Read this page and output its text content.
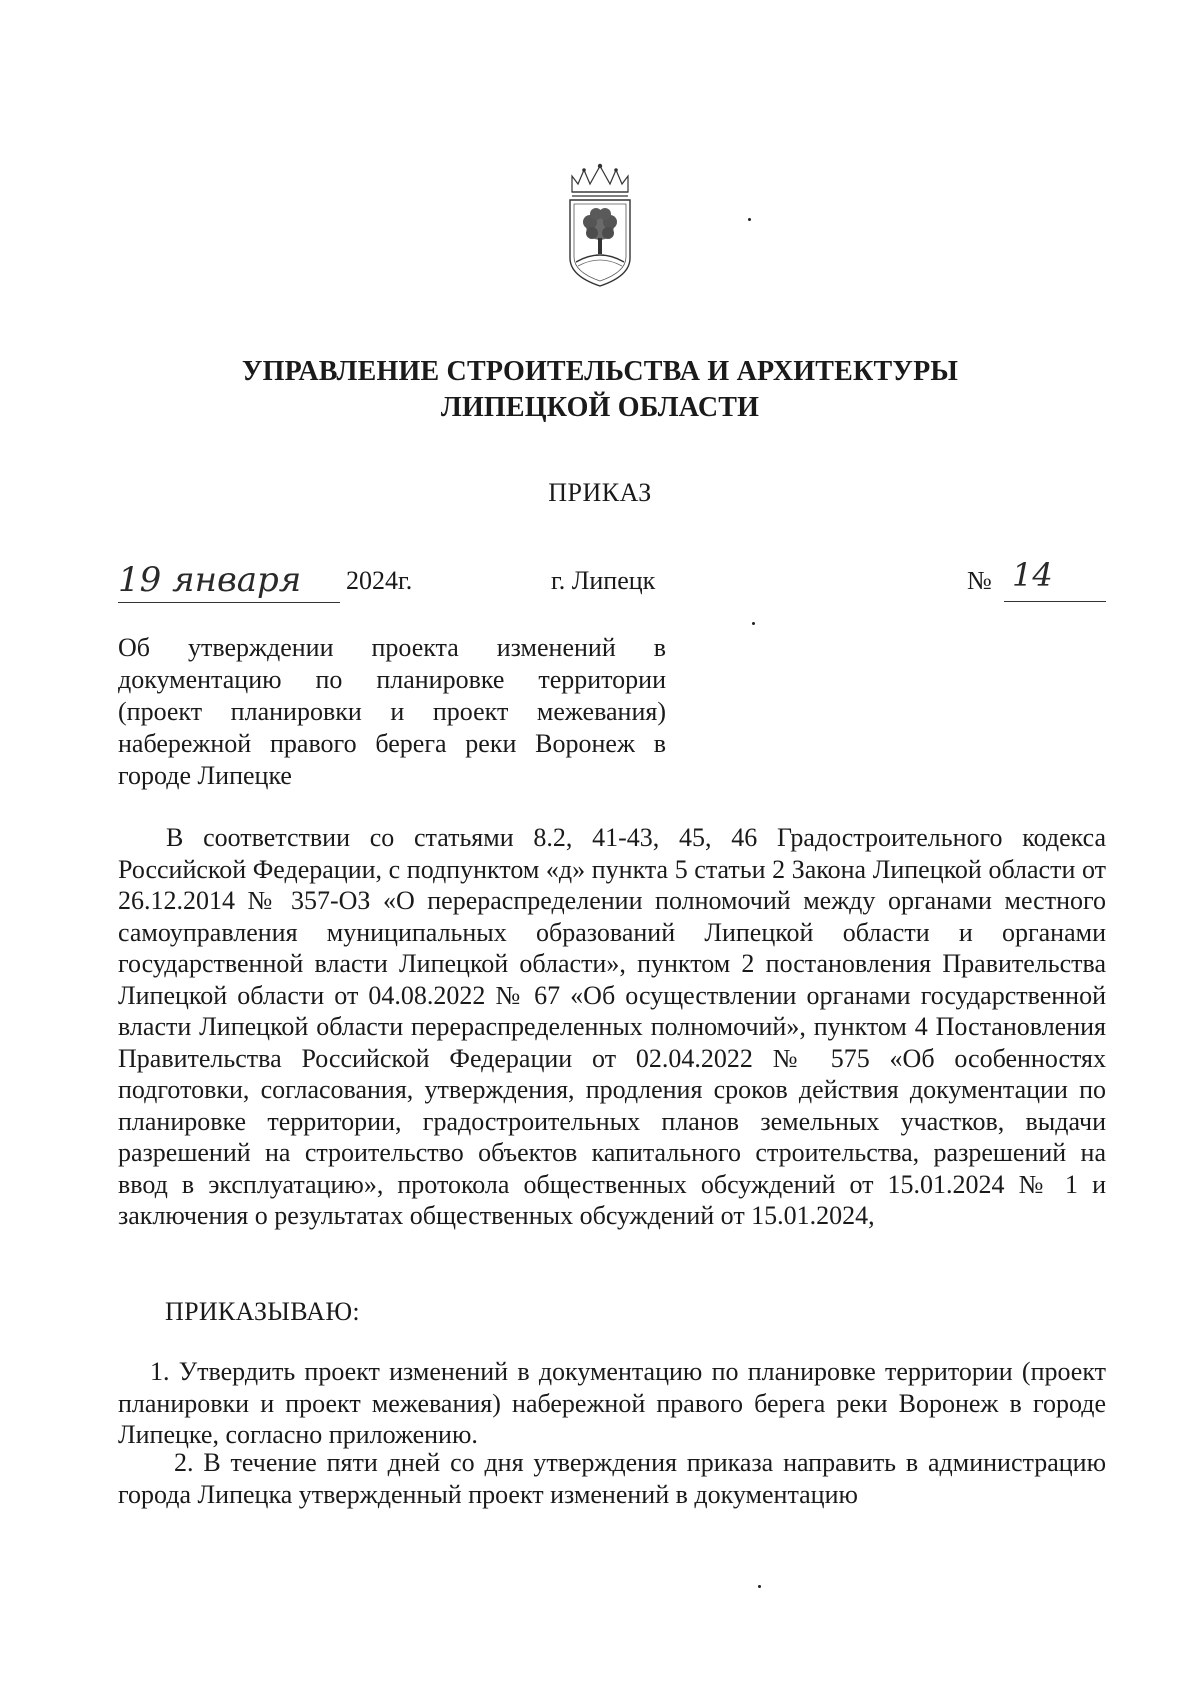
УПРАВЛЕНИЕ СТРОИТЕЛЬСТВА И АРХИТЕКТУРЫ
ЛИПЕЦКОЙ ОБЛАСТИ
ПРИКАЗ
19 января	2024г.	г. Липецк	№ 14
Об утверждении проекта изменений в документацию по планировке территории (проект планировки и проект межевания) набережной правого берега реки Воронеж в
городе Липецке
В соответствии со статьями 8.2, 41-43, 45, 46 Градостроительного кодекса Российской Федерации, с подпунктом «д» пункта 5 статьи 2 Закона Липецкой области от 26.12.2014 № 357-ОЗ «О перераспределении полномочий между органами местного самоуправления муниципальных образований Липецкой области и органами государственной власти Липецкой области», пунктом 2 постановления Правительства Липецкой области от 04.08.2022 № 67 «Об осуществлении органами государственной власти Липецкой области перераспределенных полномочий», пунктом 4 Постановления Правительства Российской Федерации от 02.04.2022 № 575 «Об особенностях подготовки, согласования, утверждения, продления сроков действия документации по планировке территории, градостроительных планов земельных участков, выдачи разрешений на строительство объектов капитального строительства, разрешений на ввод в эксплуатацию», протокола общественных обсуждений от 15.01.2024 № 1 и заключения о результатах общественных обсуждений от 15.01.2024,
ПРИКАЗЫВАЮ:
1. Утвердить проект изменений в документацию по планировке территории (проект планировки и проект межевания) набережной правого берега реки Воронеж в городе Липецке, согласно приложению.
2. В течение пяти дней со дня утверждения приказа направить в администрацию города Липецка утвержденный проект изменений в документацию
